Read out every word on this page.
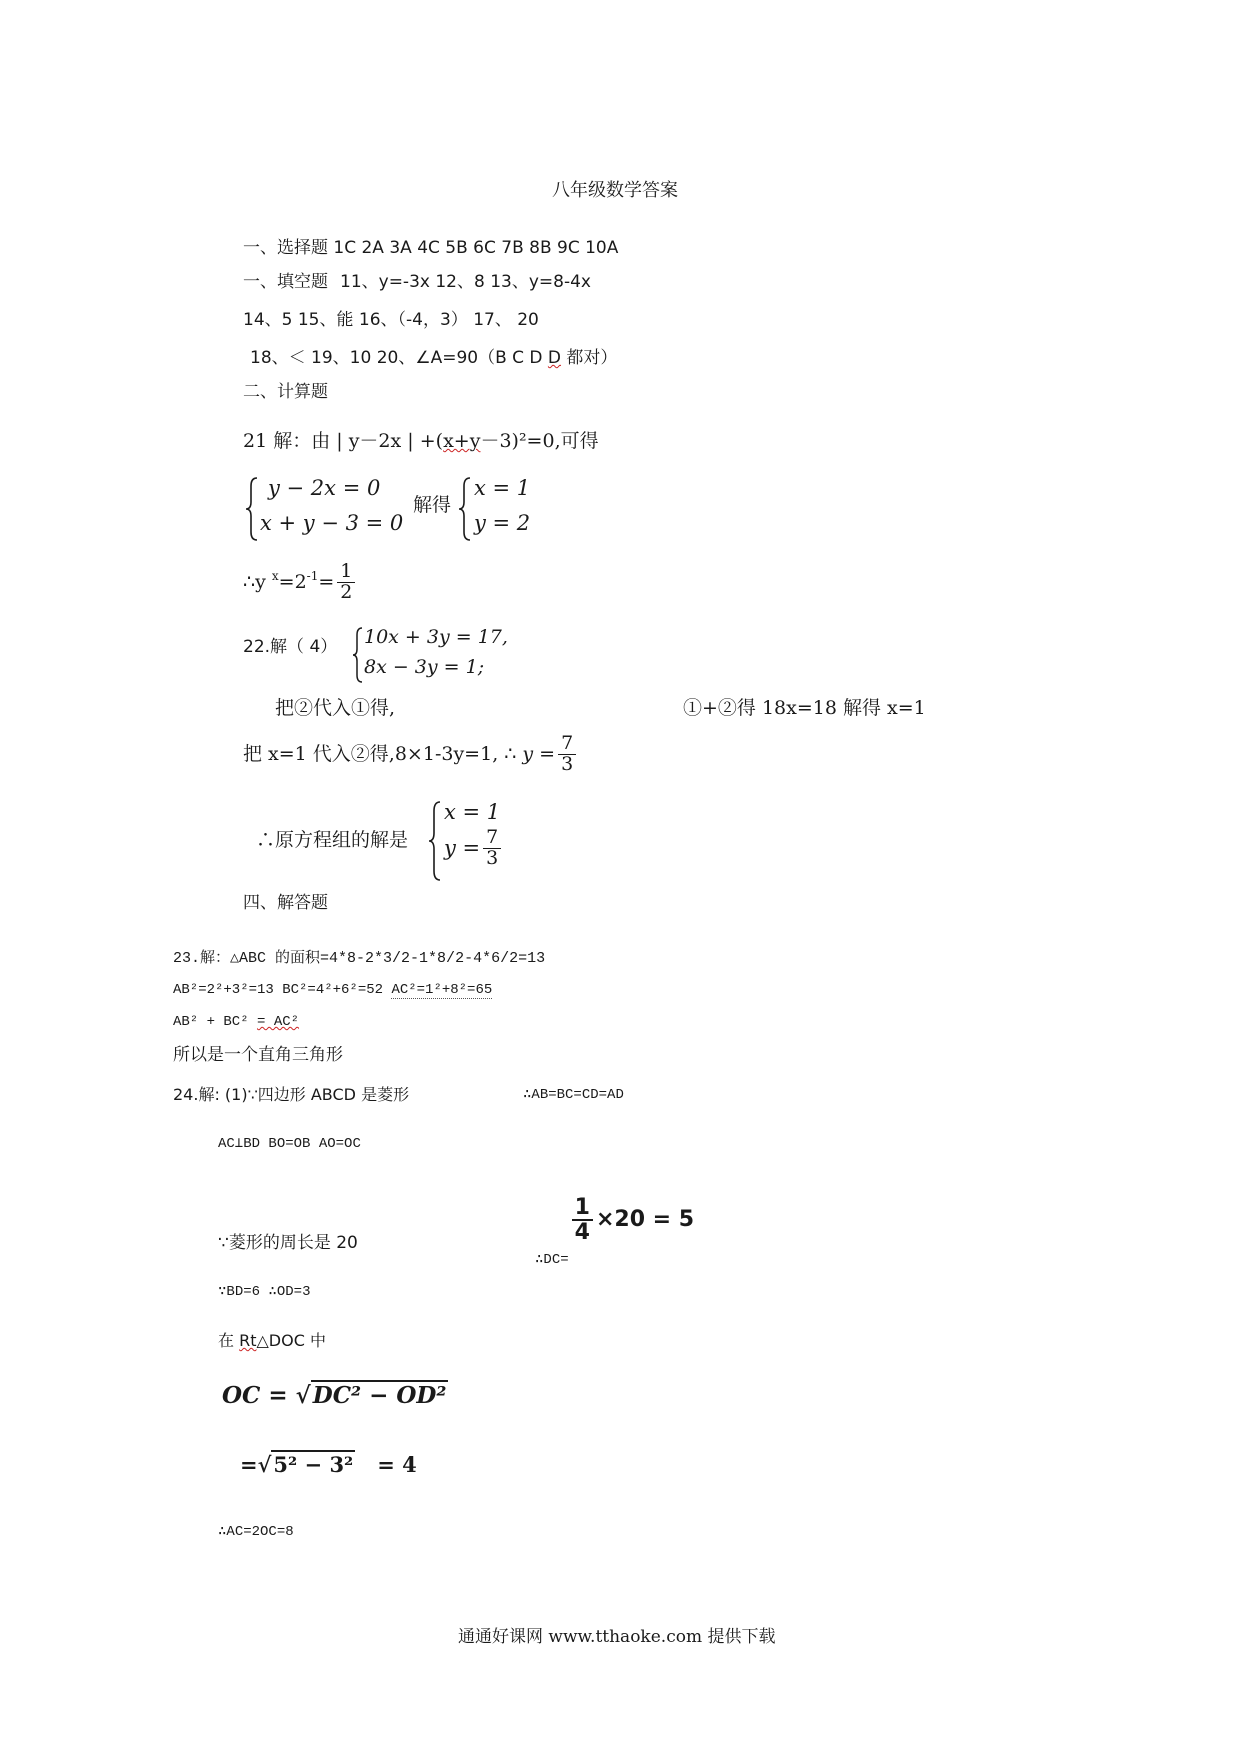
八年级数学答案
一、选择题 1C 2A 3A 4C 5B 6C 7B 8B 9C 10A
一、填空题 11、y=-3x 12、8 13、y=8-4x
14、5 15、能 16、（-4，3） 17、 20
18、＜ 19、10 20、∠A=90（B C D D 都对）
二、计算题
21 解：由 | y－2x | +(x+y－3)²=0,可得
y − 2x = 0
x + y − 3 = 0
解得
x = 1
y = 2
∴y $^x=2^{-1}= \frac{1}{2}$
22.解（ 4） 10x + 3y = 17,
8x − 3y = 1;
把②代入①得,	①+②得 18x=18 解得 x=1
把 x=1 代入②得,8×1-3y=1, ∴ $y = \frac{7}{3}$
∴原方程组的解是
x = 1
$y = \frac{7}{3}$
四、解答题
23.解：△ABC 的面积=4*8-2*3/2-1*8/2-4*6/2=13
AB²=2²+3²=13 BC²=4²+6²=52 AC²=1²+8²=65
AB² + BC² = AC²
所以是一个直角三角形
24.解: (1)∵四边形 ABCD 是菱形	∴AB=BC=CD=AD
AC⊥BD BO=OB AO=OC
∵菱形的周长是 20
$_{\therefore DC=}$
$\frac{1}{4} \times 20 = 5$
∵BD=6 ∴OD=3
在 Rt△DOC 中
OC = √DC² − OD²
=√5² − 3² = 4
∴AC=2OC=8
通通好课网 www.tthaoke.com 提供下载
